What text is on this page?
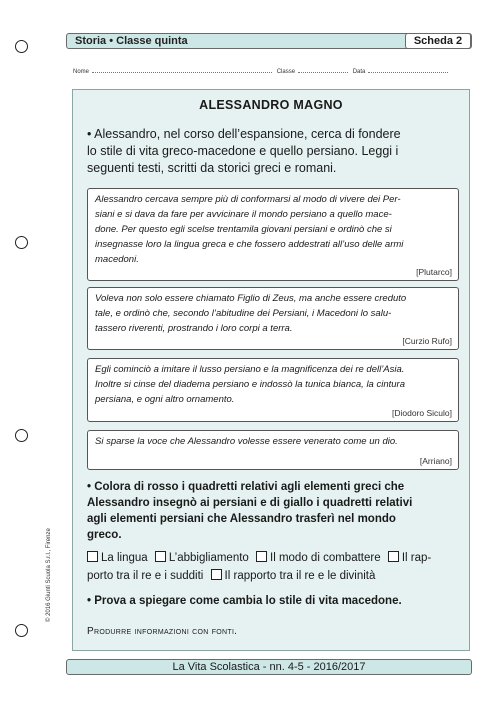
Storia • Classe quinta	Scheda 2
Nome	Classe	Data
ALESSANDRO MAGNO
• Alessandro, nel corso dell’espansione, cerca di fondere
lo stile di vita greco-macedone e quello persiano. Leggi i
seguenti testi, scritti da storici greci e romani.
Alessandro cercava sempre più di conformarsi al modo di vivere dei Per-
siani e si dava da fare per avvicinare il mondo persiano a quello mace-
done. Per questo egli scelse trentamila giovani persiani e ordinò che si
insegnasse loro la lingua greca e che fossero addestrati all’uso delle armi
macedoni.
[Plutarco]
Voleva non solo essere chiamato Figlio di Zeus, ma anche essere creduto
tale, e ordinò che, secondo l’abitudine dei Persiani, i Macedoni lo salu-
tassero riverenti, prostrando i loro corpi a terra.
[Curzio Rufo]
Egli cominciò a imitare il lusso persiano e la magnificenza dei re dell’Asia.
Inoltre si cinse del diadema persiano e indossò la tunica bianca, la cintura
persiana, e ogni altro ornamento.
[Diodoro Siculo]
Si sparse la voce che Alessandro volesse essere venerato come un dio.
[Arriano]
• Colora di rosso i quadretti relativi agli elementi greci che
Alessandro insegnò ai persiani e di giallo i quadretti relativi
agli elementi persiani che Alessandro trasferì nel mondo
greco.
La lingua L’abbigliamento Il modo di combattere Il rap-
porto tra il re e i sudditi Il rapporto tra il re e le divinità
• Prova a spiegare come cambia lo stile di vita macedone.
Produrre informazioni con fonti.
© 2016 Giunti Scuola S.r.l., Firenze
La Vita Scolastica - nn. 4-5 - 2016/2017
